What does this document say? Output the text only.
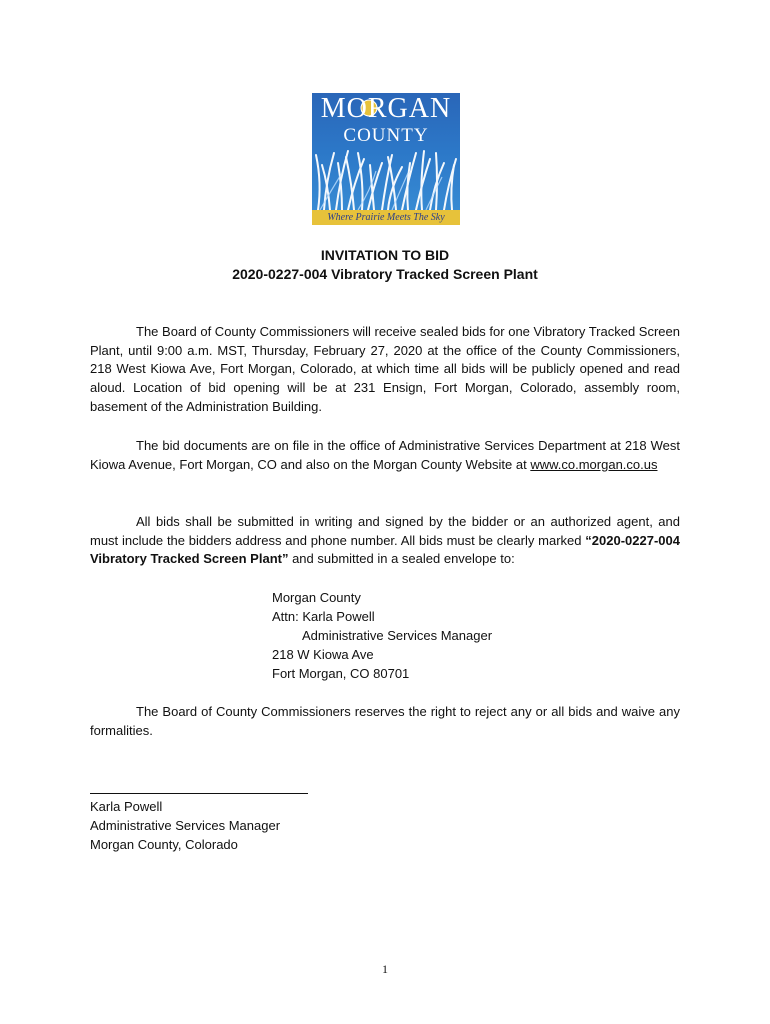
MORGAN
COUNTY
Where Prairie Meets The Sky
INVITATION TO BID
2020-0227-004 Vibratory Tracked Screen Plant
The Board of County Commissioners will receive sealed bids for one Vibratory Tracked Screen Plant, until 9:00 a.m. MST, Thursday, February 27, 2020 at the office of the County Commissioners, 218 West Kiowa Ave, Fort Morgan, Colorado, at which time all bids will be publicly opened and read aloud. Location of bid opening will be at 231 Ensign, Fort Morgan, Colorado, assembly room, basement of the Administration Building.
The bid documents are on file in the office of Administrative Services Department at 218 West Kiowa Avenue, Fort Morgan, CO and also on the Morgan County Website at www.co.morgan.co.us
All bids shall be submitted in writing and signed by the bidder or an authorized agent, and must include the bidders address and phone number. All bids must be clearly marked “2020-0227-004 Vibratory Tracked Screen Plant” and submitted in a sealed envelope to:
Morgan County
Attn: Karla Powell
Administrative Services Manager
218 W Kiowa Ave
Fort Morgan, CO 80701
The Board of County Commissioners reserves the right to reject any or all bids and waive any formalities.
Karla Powell
Administrative Services Manager
Morgan County, Colorado
1
